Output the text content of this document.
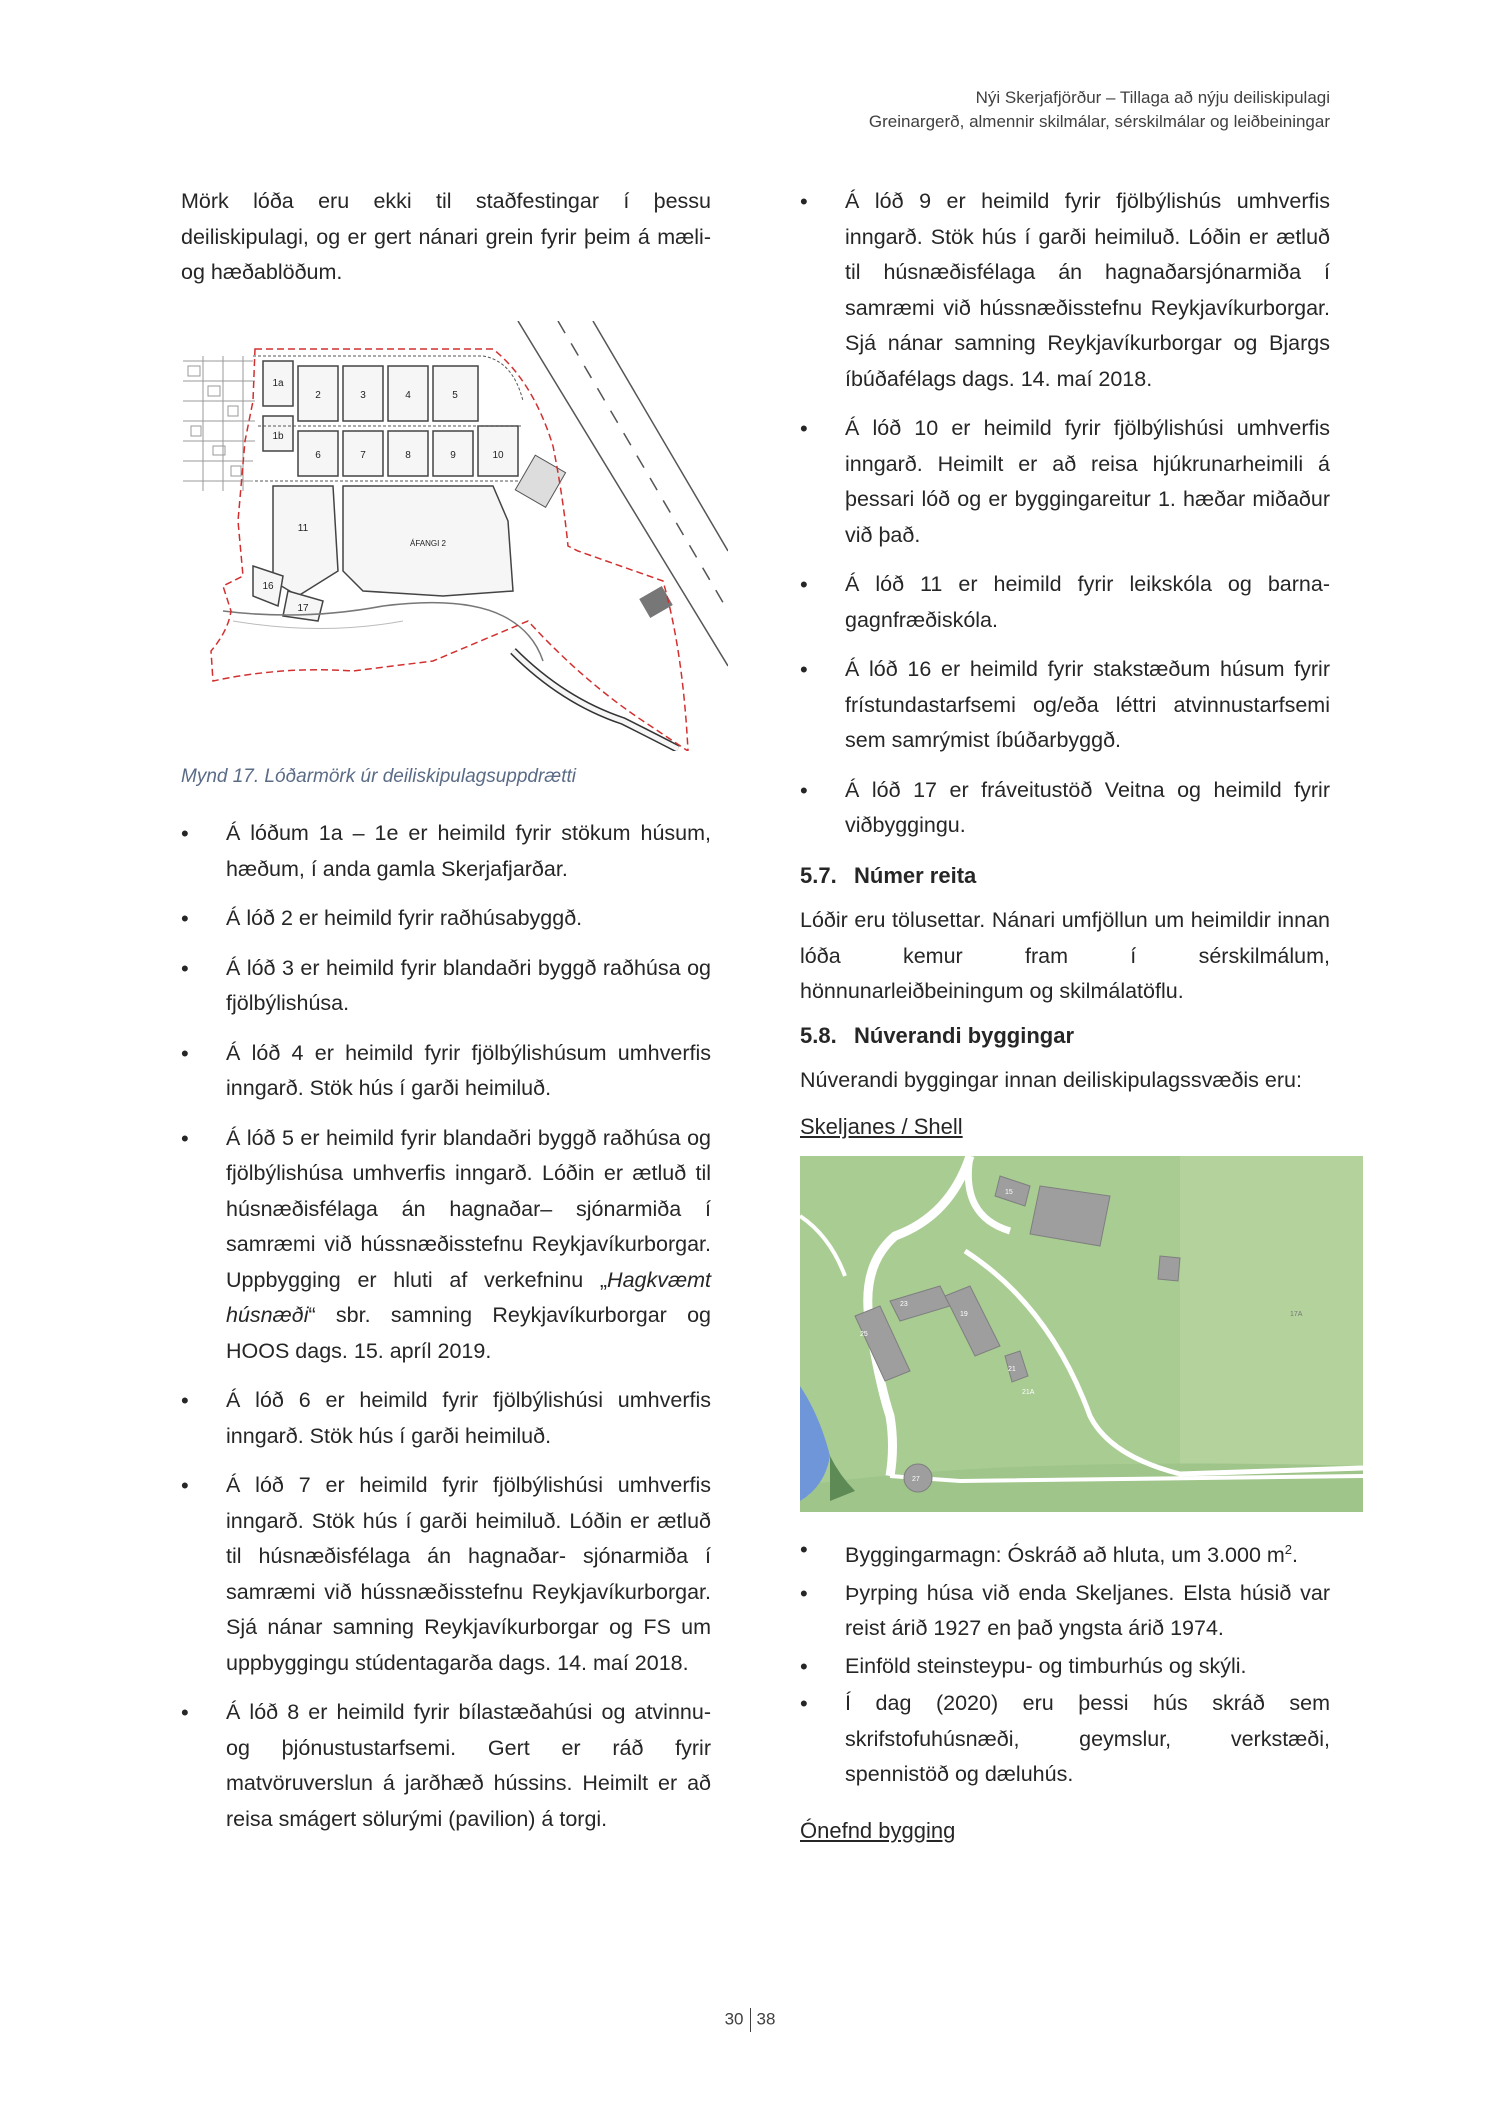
Nýi Skerjafjörður – Tillaga að nýju deiliskipulagi
Greinargerð, almennir skilmálar, sérskilmálar og leiðbeiningar

Mörk lóða eru ekki til staðfestingar í þessu deiliskipulagi, og er gert nánari grein fyrir þeim á mæli- og hæðablöðum.

1a
2	3	4	5
1b
6	7	8	9	10
11
ÁFANGI 2
16
17
Mynd 17. Lóðarmörk úr deiliskipulagsuppdrætti
• Á lóðum 1a – 1e er heimild fyrir stökum húsum, hæðum, í anda gamla Skerjafjarðar.
• Á lóð 2 er heimild fyrir raðhúsabyggð.
• Á lóð 3 er heimild fyrir blandaðri byggð raðhúsa og fjölbýlishúsa.
• Á lóð 4 er heimild fyrir fjölbýlishúsum umhverfis inngarð. Stök hús í garði heimiluð.
• Á lóð 5 er heimild fyrir blandaðri byggð raðhúsa og fjölbýlishúsa umhverfis inngarð. Lóðin er ætluð til húsnæðisfélaga án hagnaðar– sjónarmiða í samræmi við hússnæðisstefnu Reykjavíkurborgar. Uppbygging er hluti af verkefninu „Hagkvæmt húsnæði“ sbr. samning Reykjavíkurborgar og HOOS dags. 15. apríl 2019.
• Á lóð 6 er heimild fyrir fjölbýlishúsi umhverfis inngarð. Stök hús í garði heimiluð.
• Á lóð 7 er heimild fyrir fjölbýlishúsi umhverfis inngarð. Stök hús í garði heimiluð. Lóðin er ætluð til húsnæðisfélaga án hagnaðar- sjónarmiða í samræmi við hússnæðisstefnu Reykjavíkurborgar. Sjá nánar samning Reykjavíkurborgar og FS um uppbyggingu stúdentagarða dags. 14. maí 2018.
• Á lóð 8 er heimild fyrir bílastæðahúsi og atvinnu- og þjónustustarfsemi. Gert er ráð fyrir matvöruverslun á jarðhæð hússins. Heimilt er að reisa smágert sölurými (pavilion) á torgi.
• Á lóð 9 er heimild fyrir fjölbýlishús umhverfis inngarð. Stök hús í garði heimiluð. Lóðin er ætluð til húsnæðisfélaga án hagnaðarsjónarmiða í samræmi við hússnæðisstefnu Reykjavíkurborgar. Sjá nánar samning Reykjavíkurborgar og Bjargs íbúðafélags dags. 14. maí 2018.
• Á lóð 10 er heimild fyrir fjölbýlishúsi umhverfis inngarð. Heimilt er að reisa hjúkrunarheimili á þessari lóð og er byggingareitur 1. hæðar miðaður við það.
• Á lóð 11 er heimild fyrir leikskóla og barna- gagnfræðiskóla.
• Á lóð 16 er heimild fyrir stakstæðum húsum fyrir frístundastarfsemi og/eða léttri atvinnustarfsemi sem samrýmist íbúðarbyggð.
• Á lóð 17 er fráveitustöð Veitna og heimild fyrir viðbyggingu.
5.7. Númer reita

Lóðir eru tölusettar. Nánari umfjöllun um heimildir innan lóða kemur fram í sérskilmálum, hönnunarleiðbeiningum og skilmálatöflu.

5.8. Núverandi byggingar

Núverandi byggingar innan deiliskipulagssvæðis eru:

Skeljanes / Shell
15
23
25
19
21
21A
17A
27
• Byggingarmagn: Óskráð að hluta, um 3.000 $m^2$.
• Þyrping húsa við enda Skeljanes. Elsta húsið var reist árið 1927 en það yngsta árið 1974.
• Einföld steinsteypu- og timburhús og skýli.
• Í dag (2020) eru þessi hús skráð sem skrifstofuhúsnæði, geymslur, verkstæði, spennistöð og dæluhús.
Ónefnd bygging
30 38
